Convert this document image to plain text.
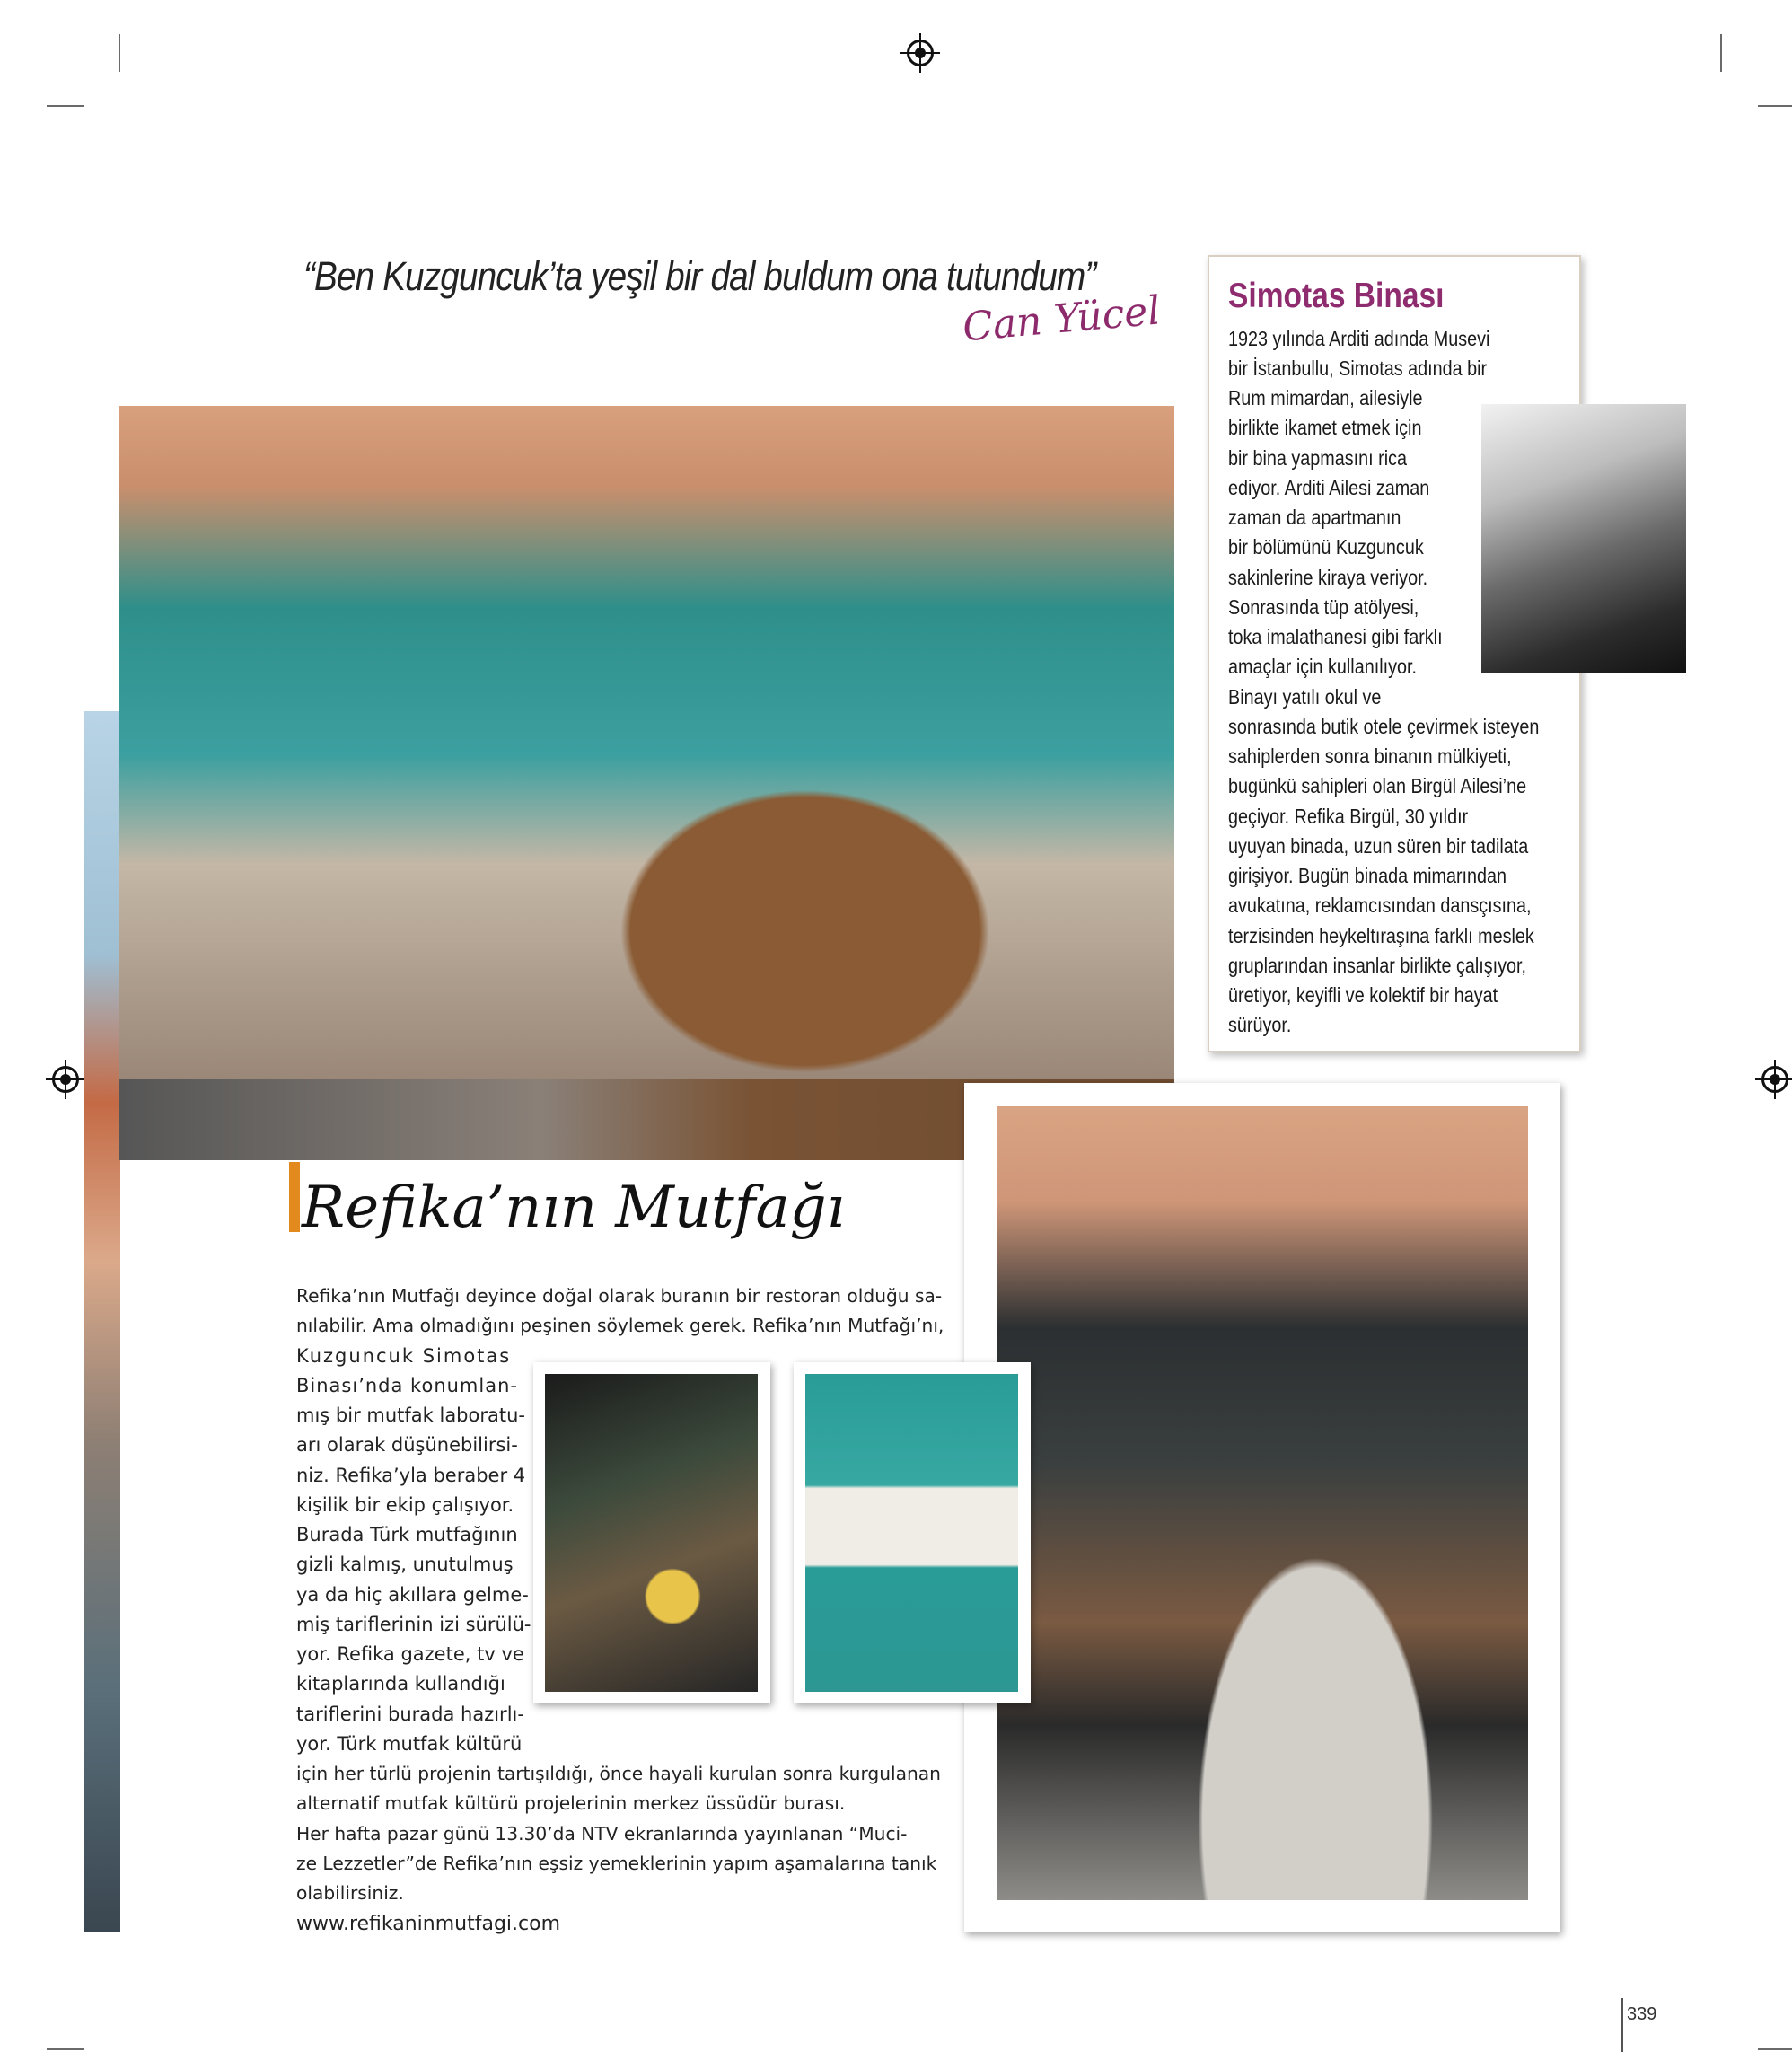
“Ben Kuzguncuk’ta yeşil bir dal buldum ona tutundum”
Can Yücel Simotas Binası
1923 yılında Arditi adında Musevi
bir İstanbullu, Simotas adında bir
Rum mimardan, ailesiyle
birlikte ikamet etmek için
bir bina yapmasını rica
ediyor. Arditi Ailesi zaman
zaman da apartmanın
bir bölümünü Kuzguncuk
sakinlerine kiraya veriyor.
Sonrasında tüp atölyesi,
toka imalathanesi gibi farklı
amaçlar için kullanılıyor.
Binayı yatılı okul ve
sonrasında butik otele çevirmek isteyen
sahiplerden sonra binanın mülkiyeti,
bugünkü sahipleri olan Birgül Ailesi’ne
geçiyor. Refika Birgül, 30 yıldır
uyuyan binada, uzun süren bir tadilata
girişiyor. Bugün binada mimarından
avukatına, reklamcısından dansçısına,
terzisinden heykeltıraşına farklı meslek
gruplarından insanlar birlikte çalışıyor,
üretiyor, keyifli ve kolektif bir hayat
sürüyor.
Refika’nın Mutfağı
Refika’nın Mutfağı deyince doğal olarak buranın bir restoran olduğu sa-
nılabilir. Ama olmadığını peşinen söylemek gerek. Refika’nın Mutfağı’nı,
Kuzguncuk Simotas
Binası’nda konumlan-
mış bir mutfak laboratu-
arı olarak düşünebilirsi-
niz. Refika’yla beraber 4
kişilik bir ekip çalışıyor.
Burada Türk mutfağının
gizli kalmış, unutulmuş
ya da hiç akıllara gelme-
miş tariflerinin izi sürülü-
yor. Refika gazete, tv ve
kitaplarında kullandığı
tariflerini burada hazırlı-
yor. Türk mutfak kültürü
için her türlü projenin tartışıldığı, önce hayali kurulan sonra kurgulanan
alternatif mutfak kültürü projelerinin merkez üssüdür burası.
Her hafta pazar günü 13.30’da NTV ekranlarında yayınlanan “Muci-
ze Lezzetler”de Refika’nın eşsiz yemeklerinin yapım aşamalarına tanık
olabilirsiniz.
www.refikaninmutfagi.com
339
